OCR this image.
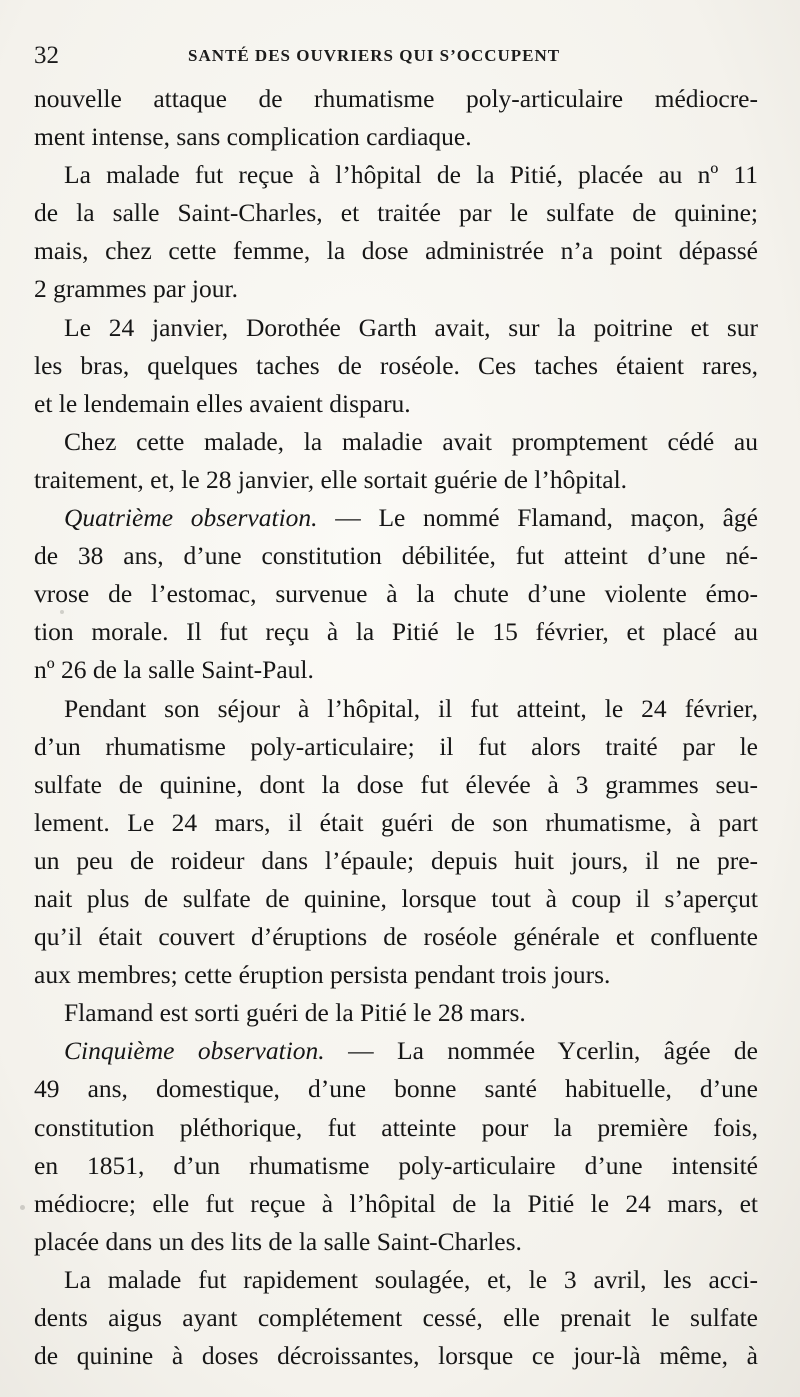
32	SANTÉ DES OUVRIERS QUI S’OCCUPENT
nouvelle attaque de rhumatisme poly-articulaire médiocre-
ment intense, sans complication cardiaque.
La malade fut reçue à l’hôpital de la Pitié, placée au nº 11
de la salle Saint-Charles, et traitée par le sulfate de quinine;
mais, chez cette femme, la dose administrée n’a point dépassé
2 grammes par jour.
Le 24 janvier, Dorothée Garth avait, sur la poitrine et sur
les bras, quelques taches de roséole. Ces taches étaient rares,
et le lendemain elles avaient disparu.
Chez cette malade, la maladie avait promptement cédé au
traitement, et, le 28 janvier, elle sortait guérie de l’hôpital.
Quatrième observation. — Le nommé Flamand, maçon, âgé
de 38 ans, d’une constitution débilitée, fut atteint d’une né-
vrose de l’estomac, survenue à la chute d’une violente émo-
tion morale. Il fut reçu à la Pitié le 15 février, et placé au
nº 26 de la salle Saint-Paul.
Pendant son séjour à l’hôpital, il fut atteint, le 24 février,
d’un rhumatisme poly-articulaire; il fut alors traité par le
sulfate de quinine, dont la dose fut élevée à 3 grammes seu-
lement. Le 24 mars, il était guéri de son rhumatisme, à part
un peu de roideur dans l’épaule; depuis huit jours, il ne pre-
nait plus de sulfate de quinine, lorsque tout à coup il s’aperçut
qu’il était couvert d’éruptions de roséole générale et confluente
aux membres; cette éruption persista pendant trois jours.
Flamand est sorti guéri de la Pitié le 28 mars.
Cinquième observation. — La nommée Ycerlin, âgée de
49 ans, domestique, d’une bonne santé habituelle, d’une
constitution pléthorique, fut atteinte pour la première fois,
en 1851, d’un rhumatisme poly-articulaire d’une intensité
médiocre; elle fut reçue à l’hôpital de la Pitié le 24 mars, et
placée dans un des lits de la salle Saint-Charles.
La malade fut rapidement soulagée, et, le 3 avril, les acci-
dents aigus ayant complétement cessé, elle prenait le sulfate
de quinine à doses décroissantes, lorsque ce jour-là même, à
